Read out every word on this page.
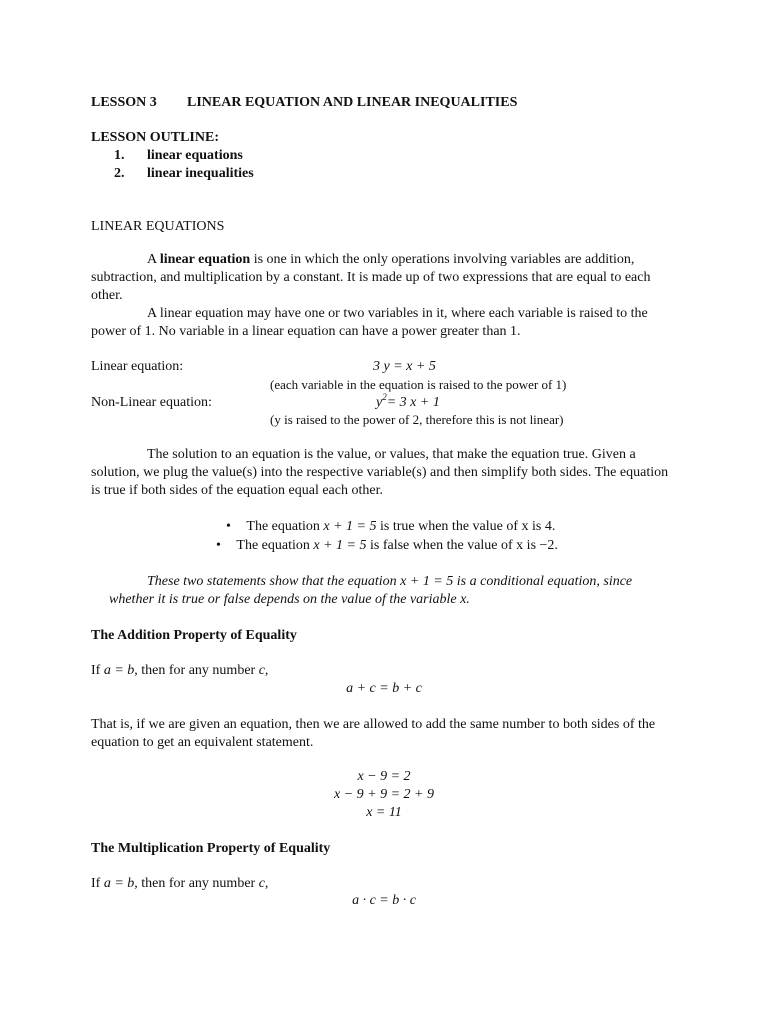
LESSON 3 LINEAR EQUATION AND LINEAR INEQUALITIES
LESSON OUTLINE:
1. linear equations
2. linear inequalities
LINEAR EQUATIONS
A linear equation is one in which the only operations involving variables are addition, subtraction, and multiplication by a constant. It is made up of two expressions that are equal to each other.
A linear equation may have one or two variables in it, where each variable is raised to the power of 1. No variable in a linear equation can have a power greater than 1.
Linear equation:	3 y = x + 5
(each variable in the equation is raised to the power of 1)
Non-Linear equation:	$y^2= 3$ x + 1
(y is raised to the power of 2, therefore this is not linear)
The solution to an equation is the value, or values, that make the equation true. Given a solution, we plug the value(s) into the respective variable(s) and then simplify both sides. The equation is true if both sides of the equation equal each other.
• The equation x + 1 = 5 is true when the value of x is 4.
• The equation x + 1 = 5 is false when the value of x is −2.
These two statements show that the equation x + 1 = 5 is a conditional equation, since
whether it is true or false depends on the value of the variable x.
The Addition Property of Equality
If a = b, then for any number c,
a + c = b + c
That is, if we are given an equation, then we are allowed to add the same number to both sides of the equation to get an equivalent statement.
x − 9 = 2
x − 9 + 9 = 2 + 9
x = 11
The Multiplication Property of Equality
If a = b, then for any number c,
a · c = b · c
